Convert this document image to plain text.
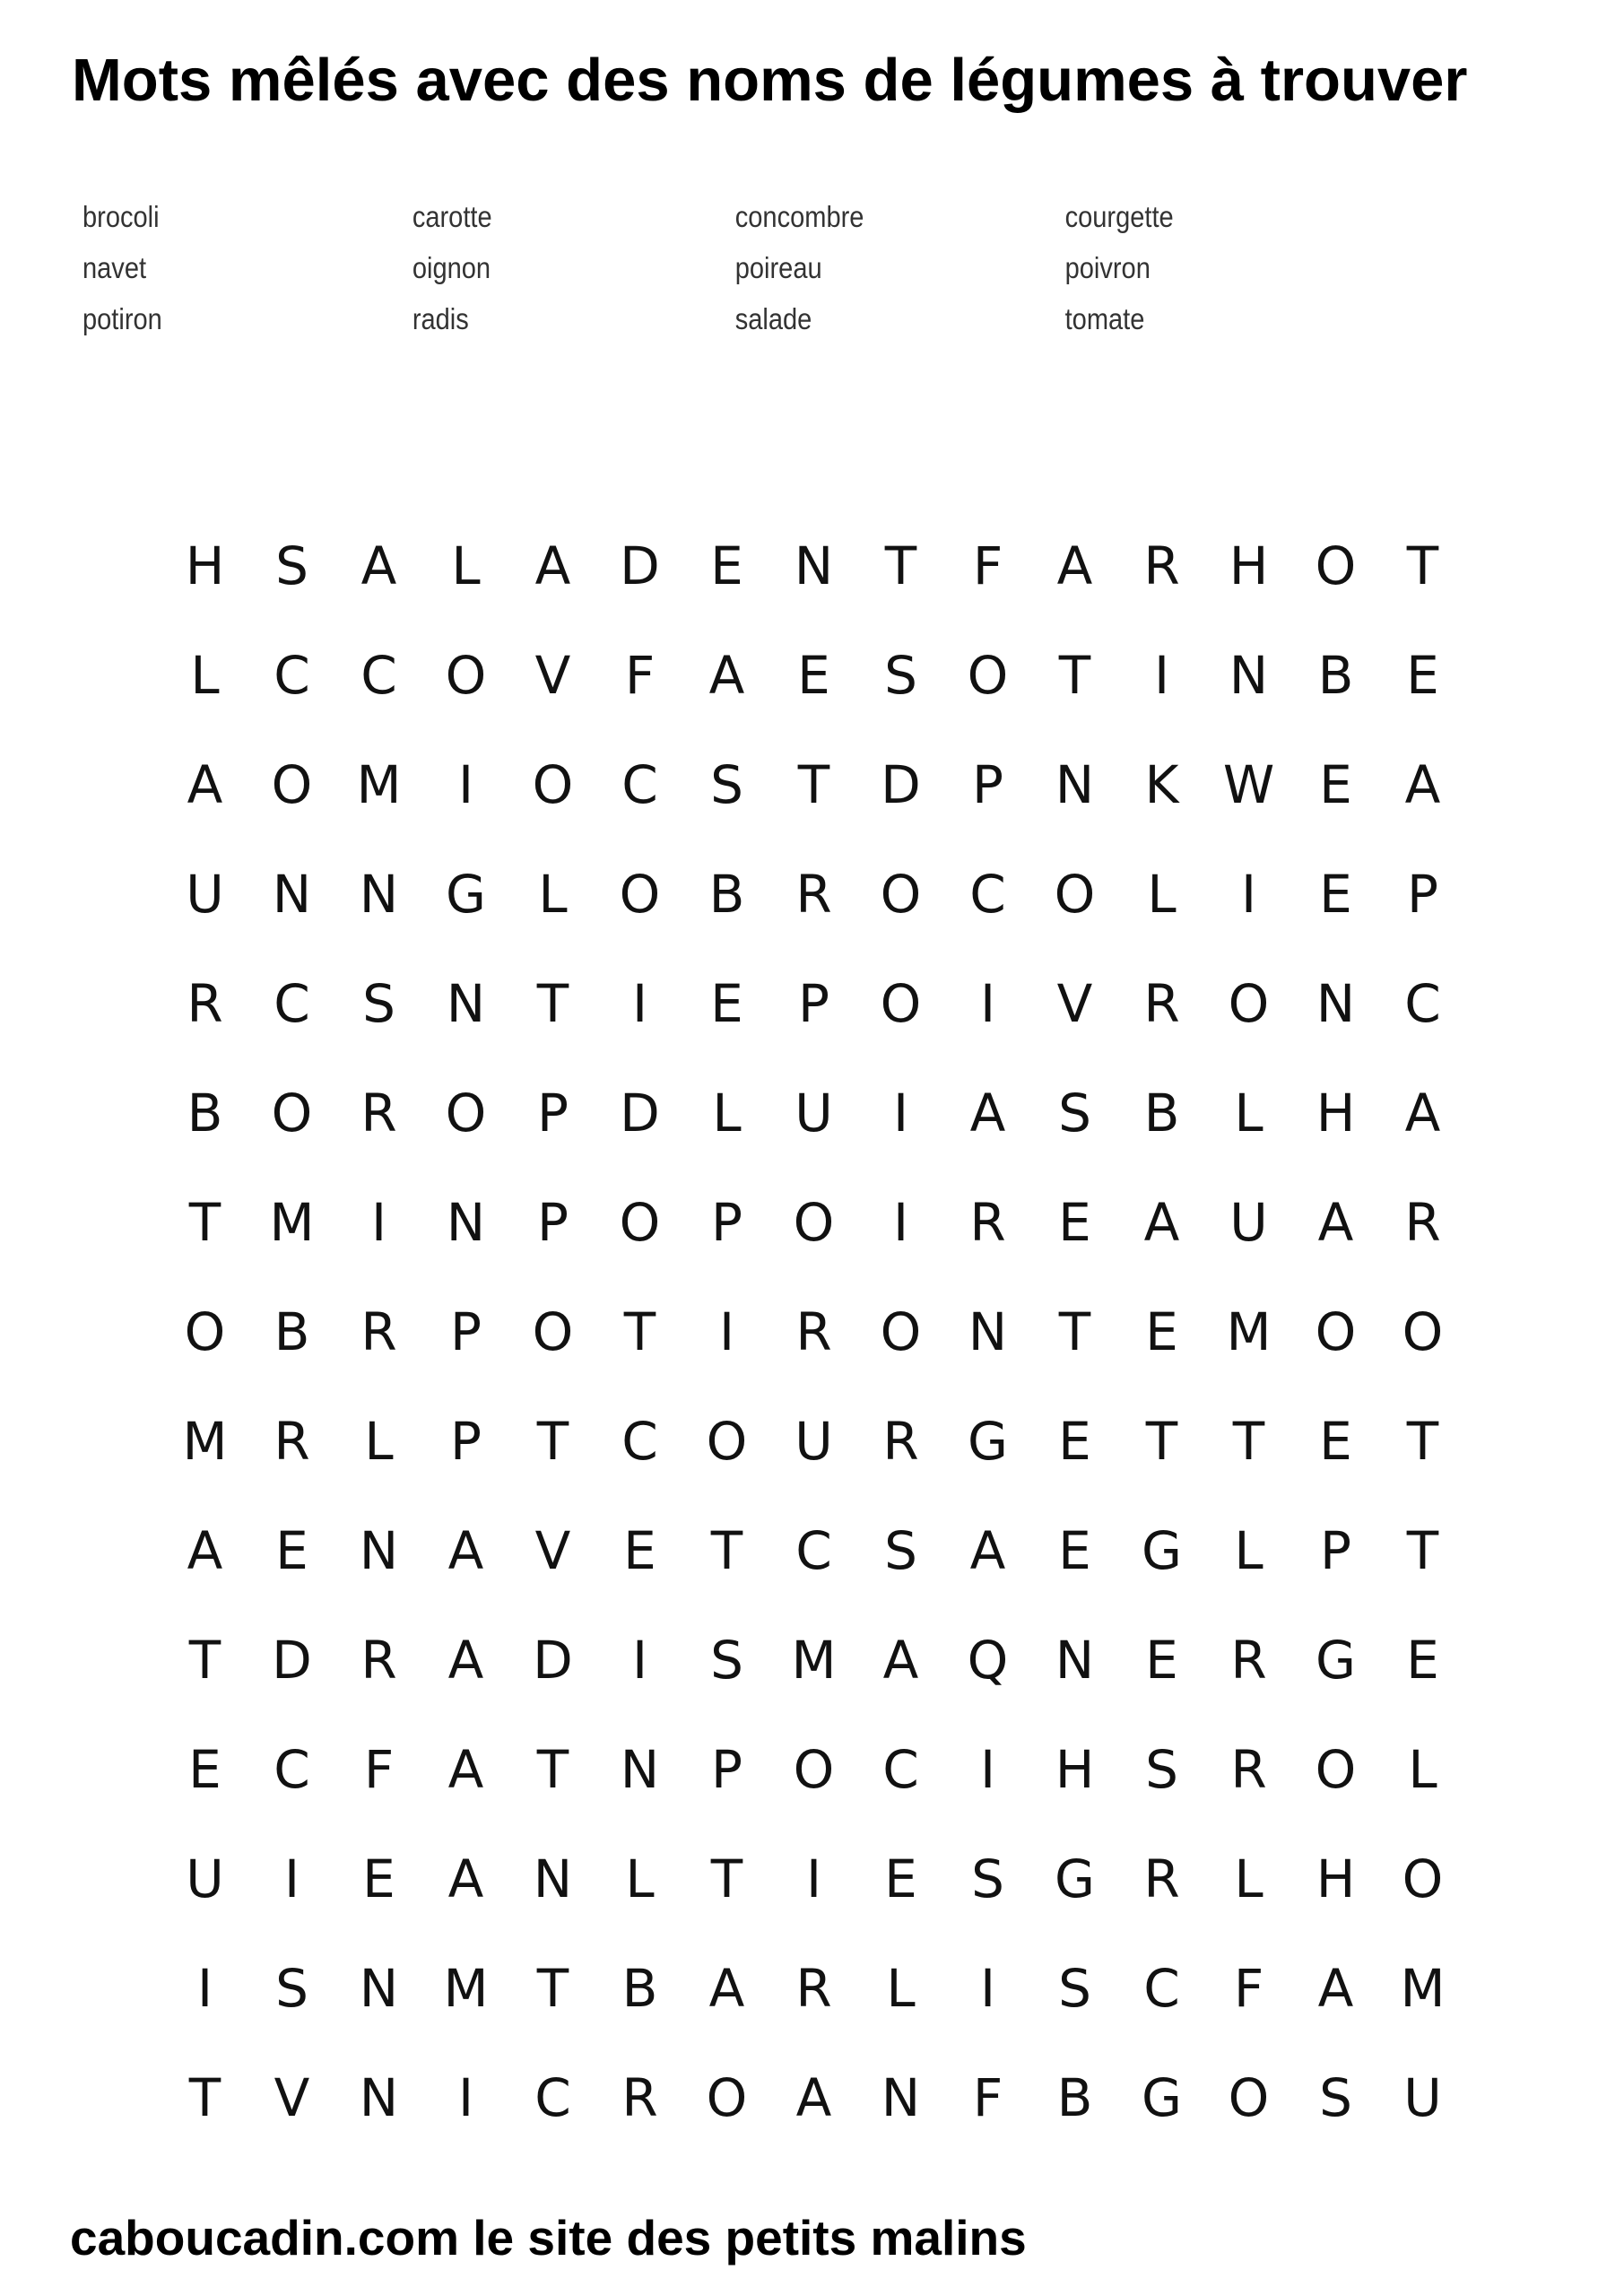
Mots mêlés avec des noms de légumes à trouver
brocoli	carotte	concombre	courgette
navet	oignon	poireau	poivron
potiron	radis	salade	tomate
H S	A	L	A D E N T	F	A R H O T
L	C C O V	F	A	E	S O T	I	N B	E
A O M	I	O C	S	T D P N K W E	A
U N N G	L	O B R O C O	L	I	E	P
R C	S N T	I	E	P O	I	V R O N C
B O R O P D	L	U	I	A	S	B	L	H A
T M	I	N P O P O	I	R	E	A U A R
O B R	P O T	I	R O N T	E M O O
M R	L	P	T	C O U R G E	T	T	E	T
A	E N A V	E	T	C	S	A	E G	L	P	T
T D R A D	I	S M A Q N E	R G E
E	C	F	A	T N P O C	I	H S	R O	L
U	I	E	A N	L	T	I	E	S G R	L	H O
I	S N M T	B A R	L	I	S	C	F	A M
T	V N	I	C R O A N	F	B G O S U
caboucadin.com le site des petits malins
